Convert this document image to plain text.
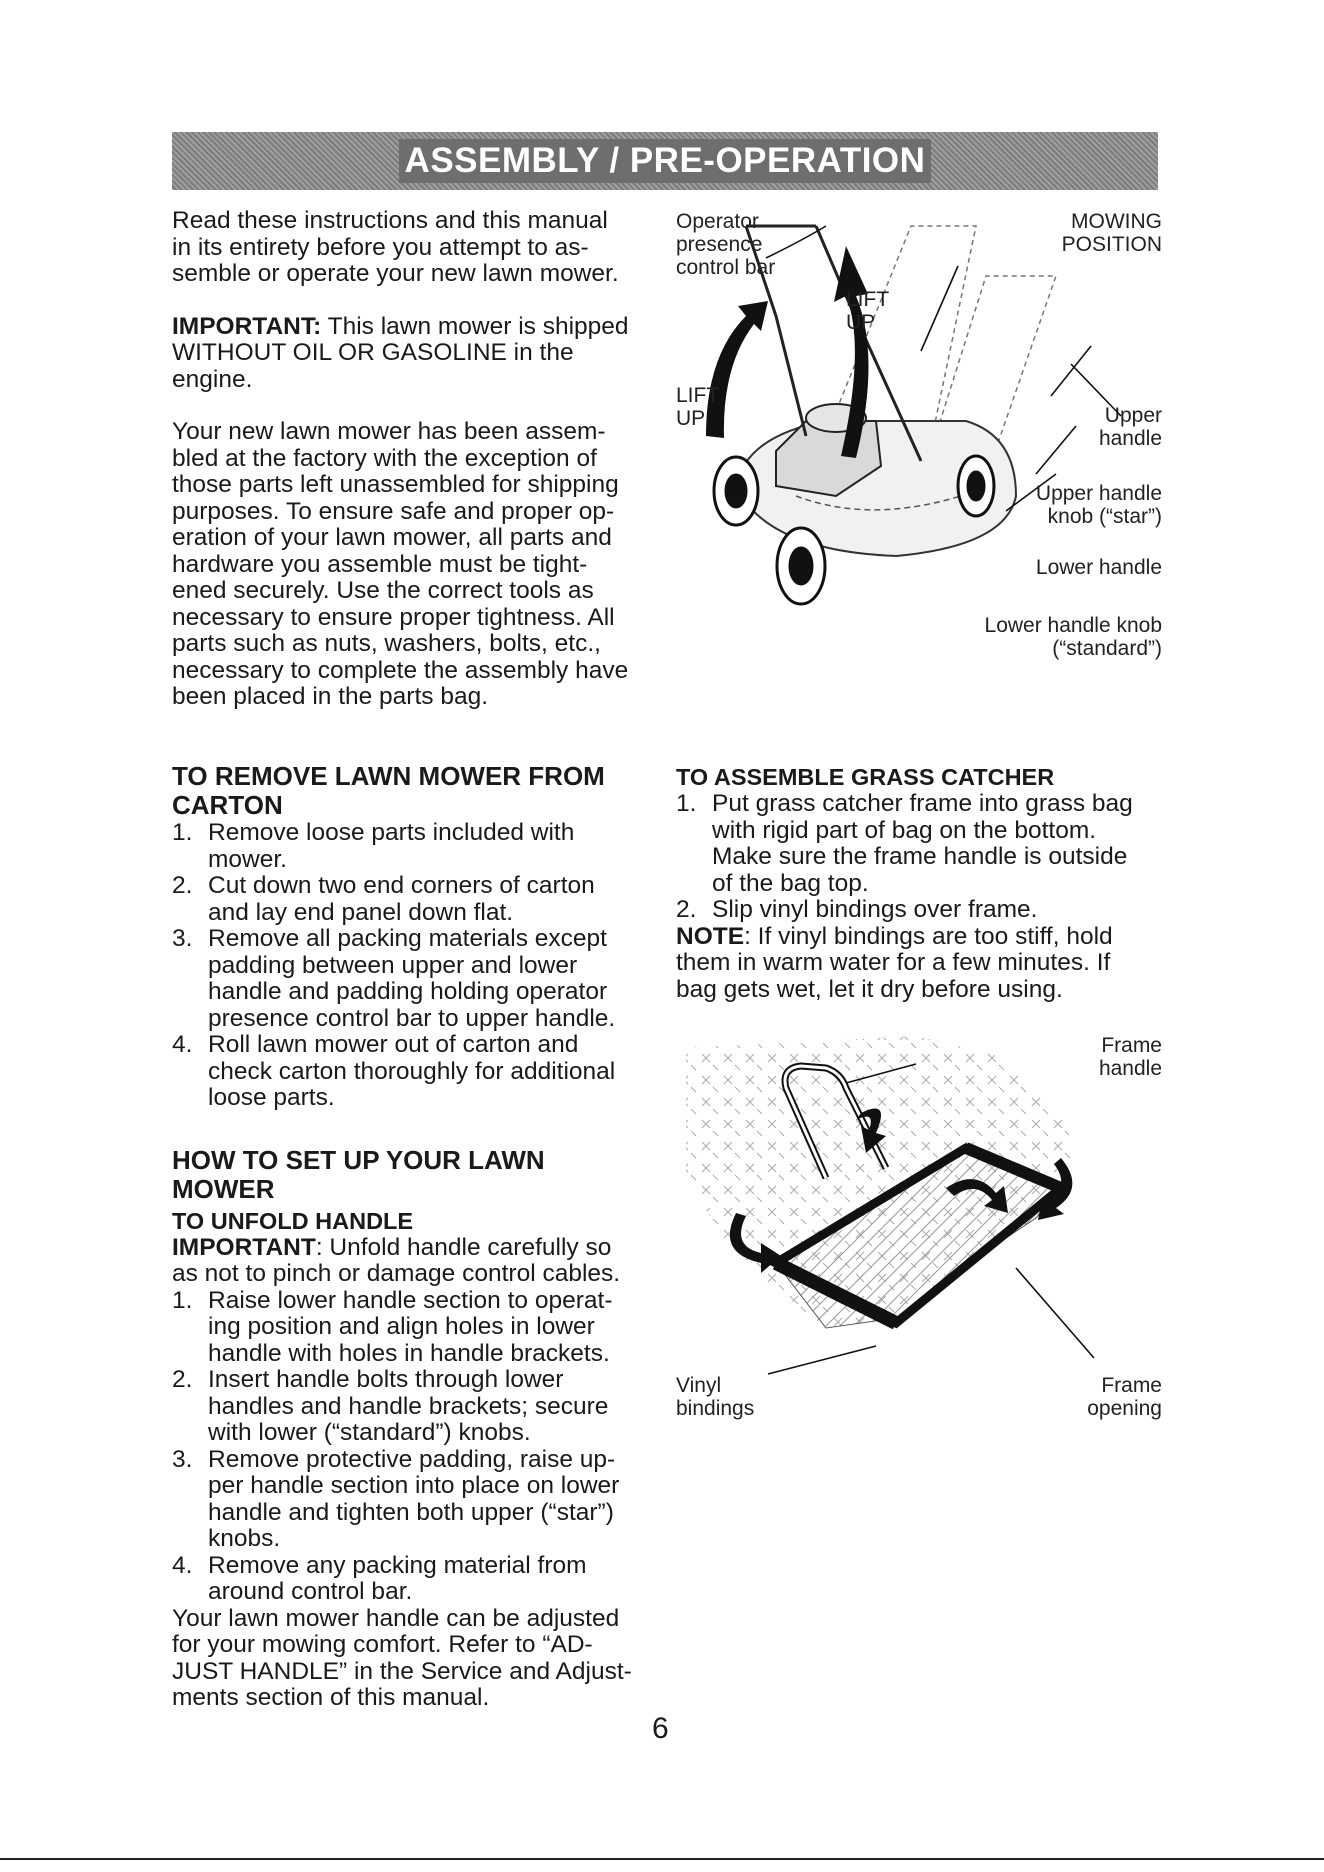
ASSEMBLY / PRE-OPERATION

Read these instructions and this manual
in its entirety before you attempt to as-
semble or operate your new lawn mower.

IMPORTANT: This lawn mower is shipped
WITHOUT OIL OR GASOLINE in the
engine.

Your new lawn mower has been assem-
bled at the factory with the exception of
those parts left unassembled for shipping
purposes. To ensure safe and proper op-
eration of your lawn mower, all parts and
hardware you assemble must be tight-
ened securely. Use the correct tools as
necessary to ensure proper tightness. All
parts such as nuts, washers, bolts, etc.,
necessary to complete the assembly have
been placed in the parts bag.

Operator
presence
control bar
MOWING
POSITION
LIFT
UP
LIFT
UP	Upper
handle
Upper handle
knob (“star”)
Lower handle
Lower handle knob
(“standard”)
TO REMOVE LAWN MOWER FROM
CARTON
1. Remove loose parts included with
mower.
2. Cut down two end corners of carton
and lay end panel down flat.
3. Remove all packing materials except
padding between upper and lower
handle and padding holding operator
presence control bar to upper handle.
4. Roll lawn mower out of carton and
check carton thoroughly for additional
loose parts.
HOW TO SET UP YOUR LAWN
MOWER
TO UNFOLD HANDLE

IMPORTANT: Unfold handle carefully so
as not to pinch or damage control cables.

1. Raise lower handle section to operat-
ing position and align holes in lower
handle with holes in handle brackets.
2. Insert handle bolts through lower
handles and handle brackets; secure
with lower (“standard”) knobs.
3. Remove protective padding, raise up-
per handle section into place on lower
handle and tighten both upper (“star”)
knobs.
4. Remove any packing material from
around control bar.

Your lawn mower handle can be adjusted
for your mowing comfort. Refer to “AD-
JUST HANDLE” in the Service and Adjust-
ments section of this manual.

TO ASSEMBLE GRASS CATCHER
1. Put grass catcher frame into grass bag
with rigid part of bag on the bottom.
Make sure the frame handle is outside
of the bag top.
2. Slip vinyl bindings over frame.

NOTE: If vinyl bindings are too stiff, hold
them in warm water for a few minutes. If
bag gets wet, let it dry before using.

Frame
handle
Vinyl
bindings
Frame
opening
6
